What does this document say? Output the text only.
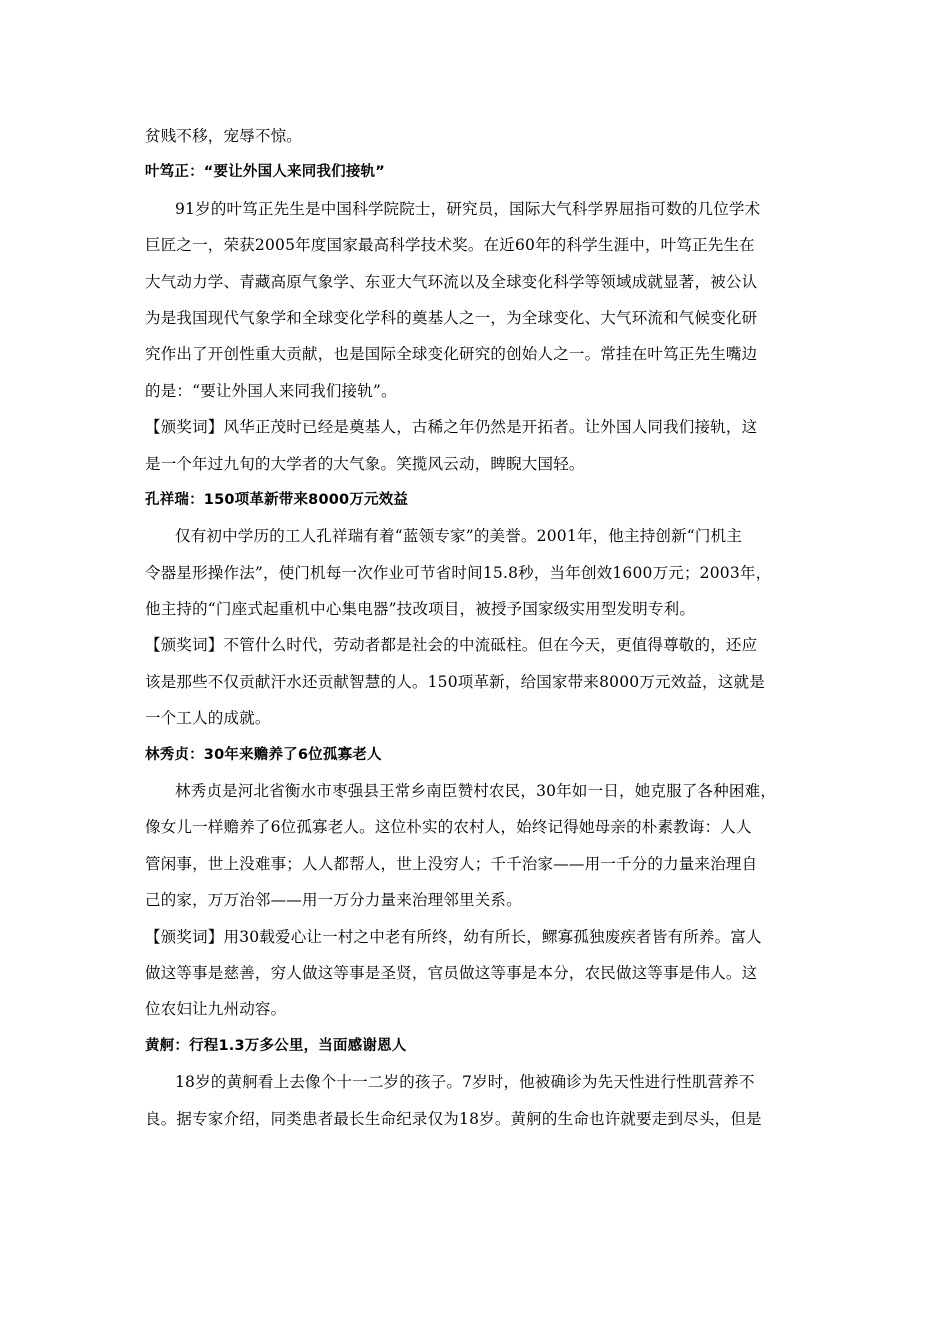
贫贱不移，宠辱不惊。
叶笃正：“要让外国人来同我们接轨”
91岁的叶笃正先生是中国科学院院士，研究员，国际大气科学界屈指可数的几位学术
巨匠之一，荣获2005年度国家最高科学技术奖。在近60年的科学生涯中，叶笃正先生在
大气动力学、青藏高原气象学、东亚大气环流以及全球变化科学等领域成就显著，被公认
为是我国现代气象学和全球变化学科的奠基人之一，为全球变化、大气环流和气候变化研
究作出了开创性重大贡献，也是国际全球变化研究的创始人之一。常挂在叶笃正先生嘴边
的是：“要让外国人来同我们接轨”。
【颁奖词】风华正茂时已经是奠基人，古稀之年仍然是开拓者。让外国人同我们接轨，这
是一个年过九旬的大学者的大气象。笑揽风云动，睥睨大国轻。
孔祥瑞：150项革新带来8000万元效益
仅有初中学历的工人孔祥瑞有着“蓝领专家”的美誉。2001年，他主持创新“门机主
令器星形操作法”，使门机每一次作业可节省时间15.8秒，当年创效1600万元；2003年，
他主持的“门座式起重机中心集电器”技改项目，被授予国家级实用型发明专利。
【颁奖词】不管什么时代，劳动者都是社会的中流砥柱。但在今天，更值得尊敬的，还应
该是那些不仅贡献汗水还贡献智慧的人。150项革新，给国家带来8000万元效益，这就是
一个工人的成就。
林秀贞：30年来赡养了6位孤寡老人
林秀贞是河北省衡水市枣强县王常乡南臣赞村农民，30年如一日，她克服了各种困难，
像女儿一样赡养了6位孤寡老人。这位朴实的农村人，始终记得她母亲的朴素教诲：人人
管闲事，世上没难事；人人都帮人，世上没穷人；千千治家——用一千分的力量来治理自
己的家，万万治邻——用一万分力量来治理邻里关系。
【颁奖词】用30载爱心让一村之中老有所终，幼有所长，鳏寡孤独废疾者皆有所养。富人
做这等事是慈善，穷人做这等事是圣贤，官员做这等事是本分，农民做这等事是伟人。这
位农妇让九州动容。
黄舸：行程1.3万多公里，当面感谢恩人
18岁的黄舸看上去像个十一二岁的孩子。7岁时，他被确诊为先天性进行性肌营养不
良。据专家介绍，同类患者最长生命纪录仅为18岁。黄舸的生命也许就要走到尽头，但是
